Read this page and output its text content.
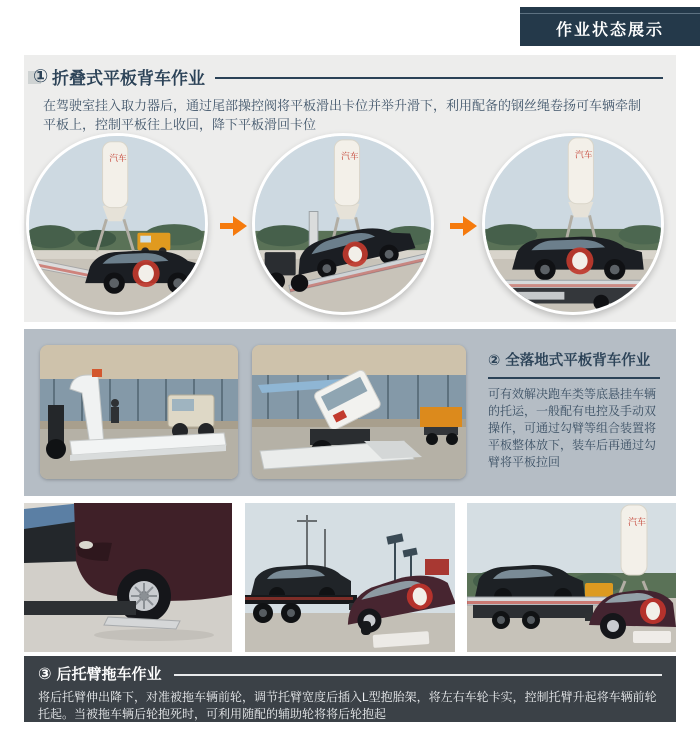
作业状态展示
① 折叠式平板背车作业
在驾驶室挂入取力器后，通过尾部操控阀将平板滑出卡位并举升滑下，利用配备的钢丝绳卷扬可车辆牵制平板上，控制平板往上收回，降下平板滑回卡位
汽车	汽车	汽车
② 全落地式平板背车作业
可有效解决跑车类等底悬挂车辆的托运，一般配有电控及手动双操作，可通过勾臂等组合装置将平板整体放下，装车后再通过勾臂将平板拉回
汽车
③ 后托臂拖车作业
将后托臂伸出降下，对准被拖车辆前轮，调节托臂宽度后插入L型抱胎架，将左右车轮卡实，控制托臂升起将车辆前轮托起。当被拖车辆后轮抱死时，可利用随配的辅助轮将将后轮抱起
